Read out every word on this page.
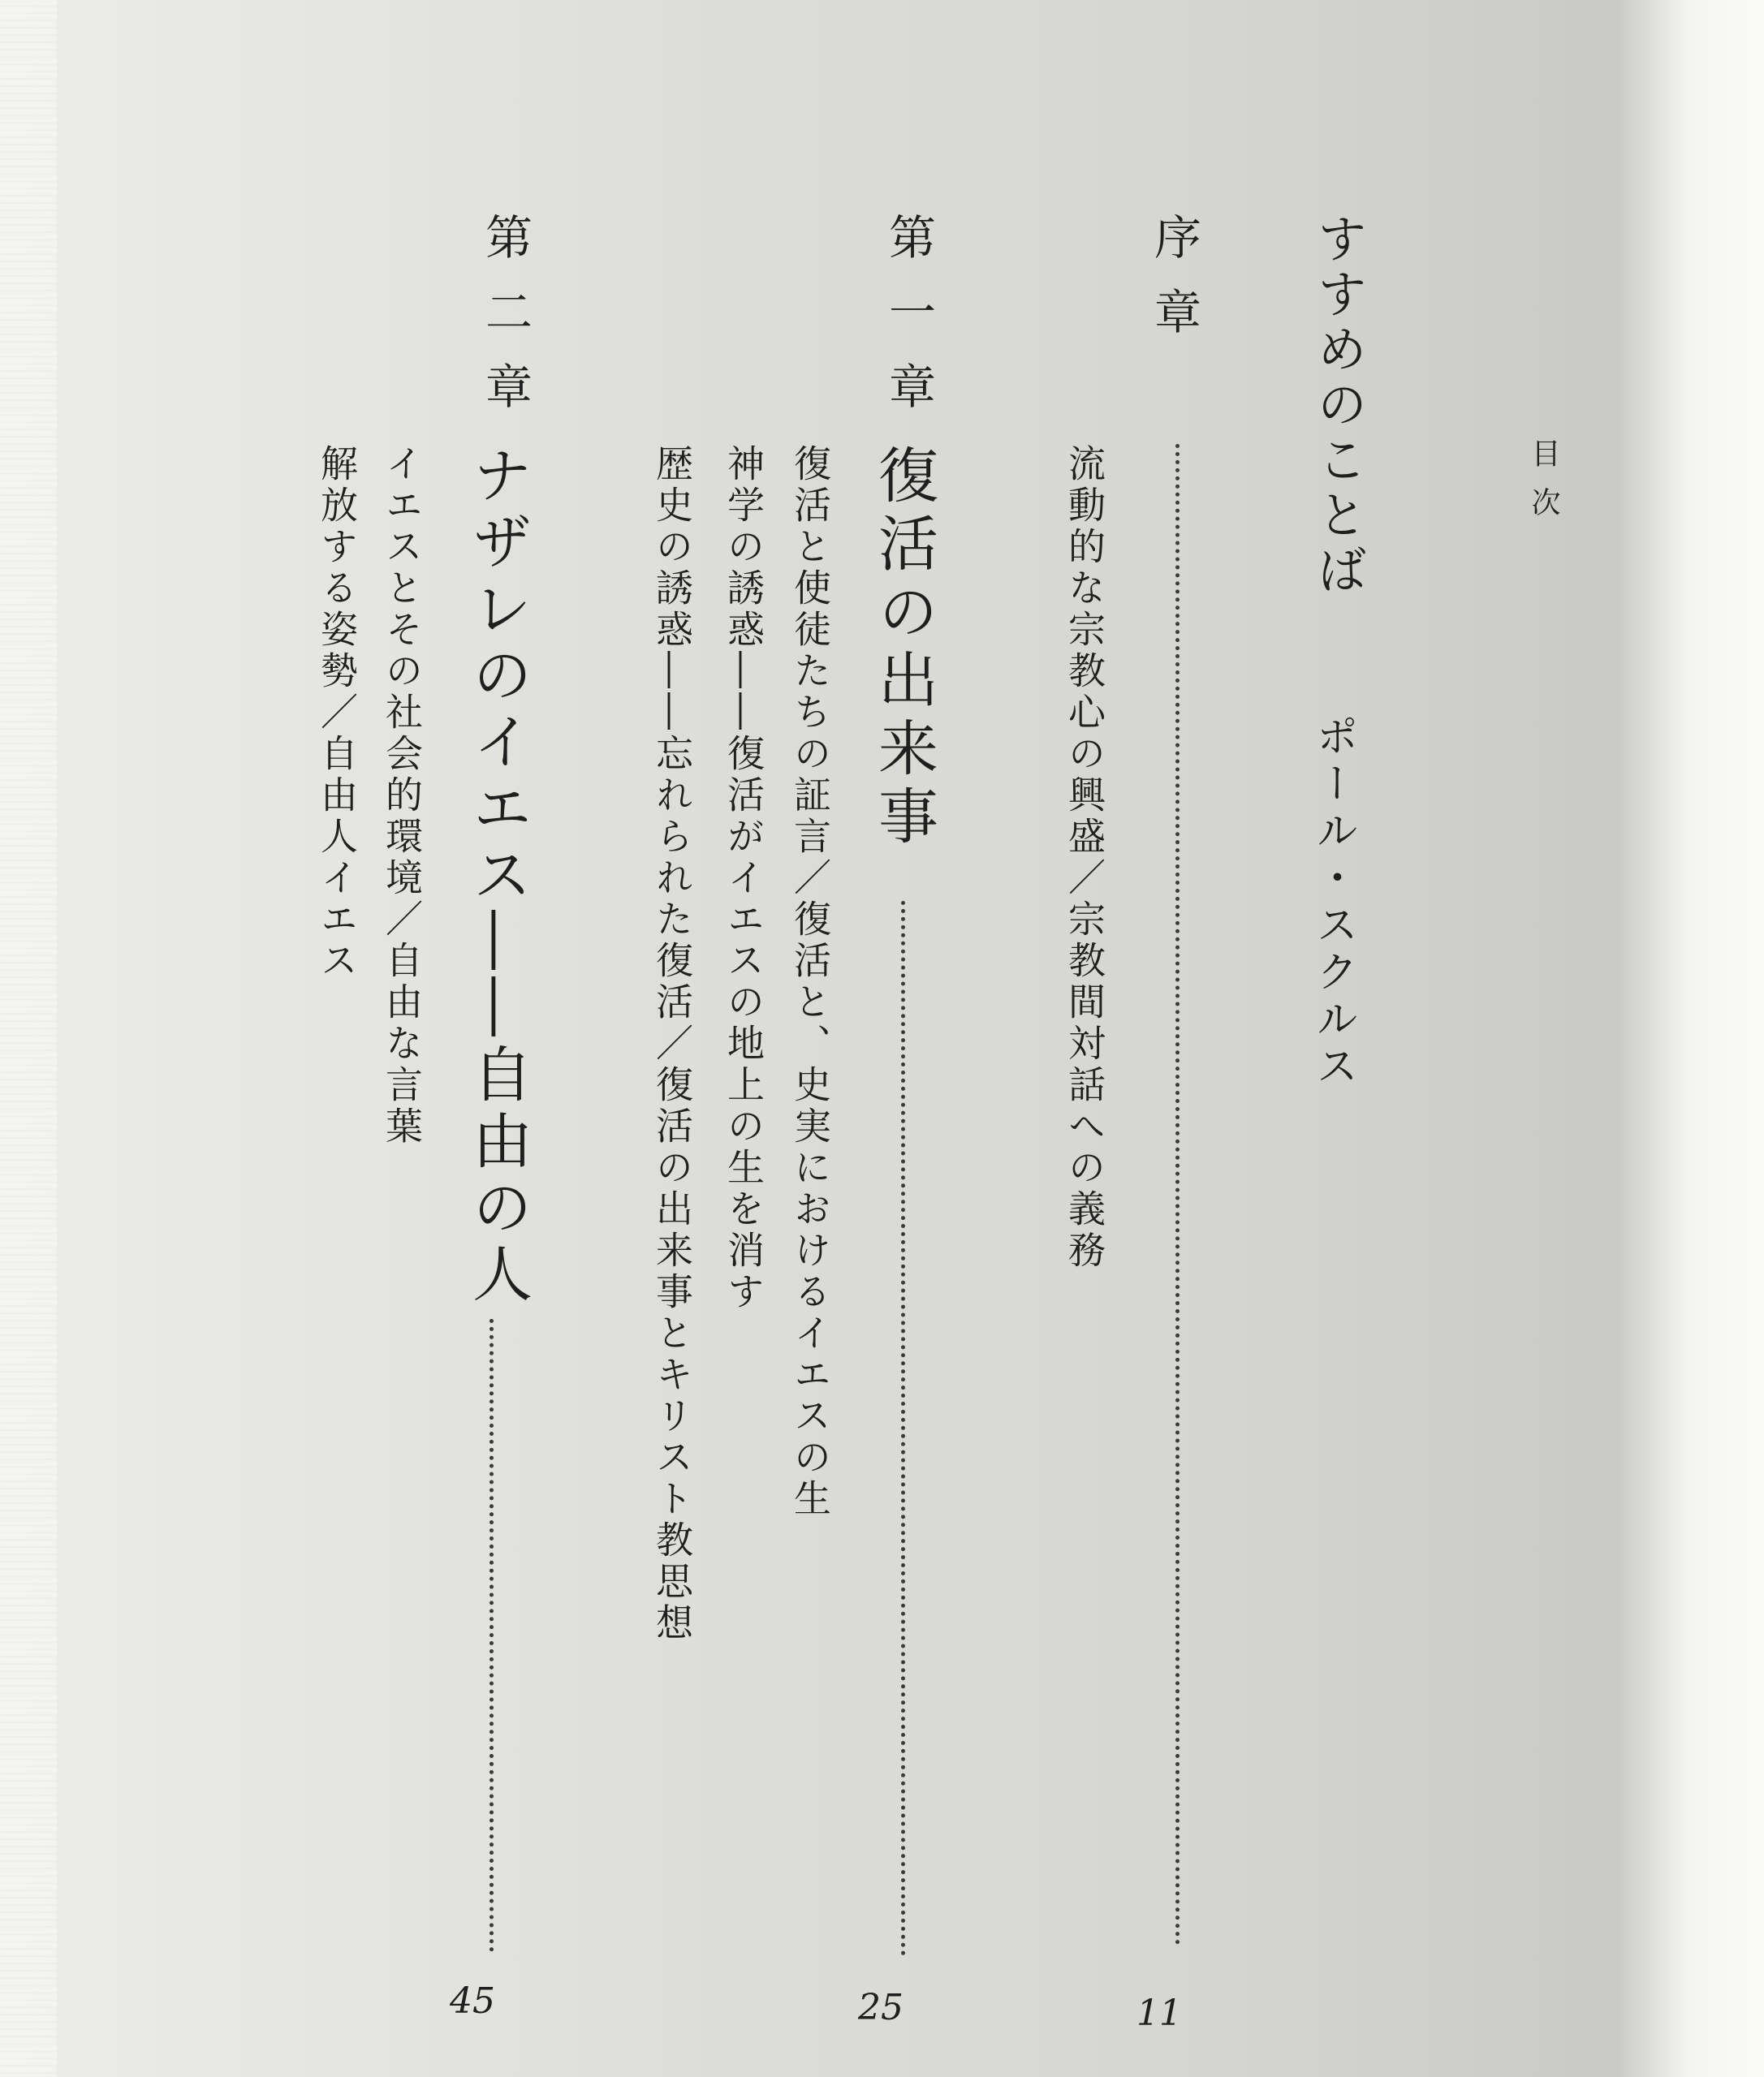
目次
すすめのことば
ポール・スクルス
序章
流動的な宗教心の興盛／宗教間対話への義務
11
第一章
復活の出来事
復活と使徒たちの証言／復活と、史実におけるイエスの生
神学の誘惑――復活がイエスの地上の生を消す
歴史の誘惑――忘れられた復活／復活の出来事とキリスト教思想
25
第二章
ナザレのイエス――自由の人
イエスとその社会的環境／自由な言葉
解放する姿勢／自由人イエス
45
